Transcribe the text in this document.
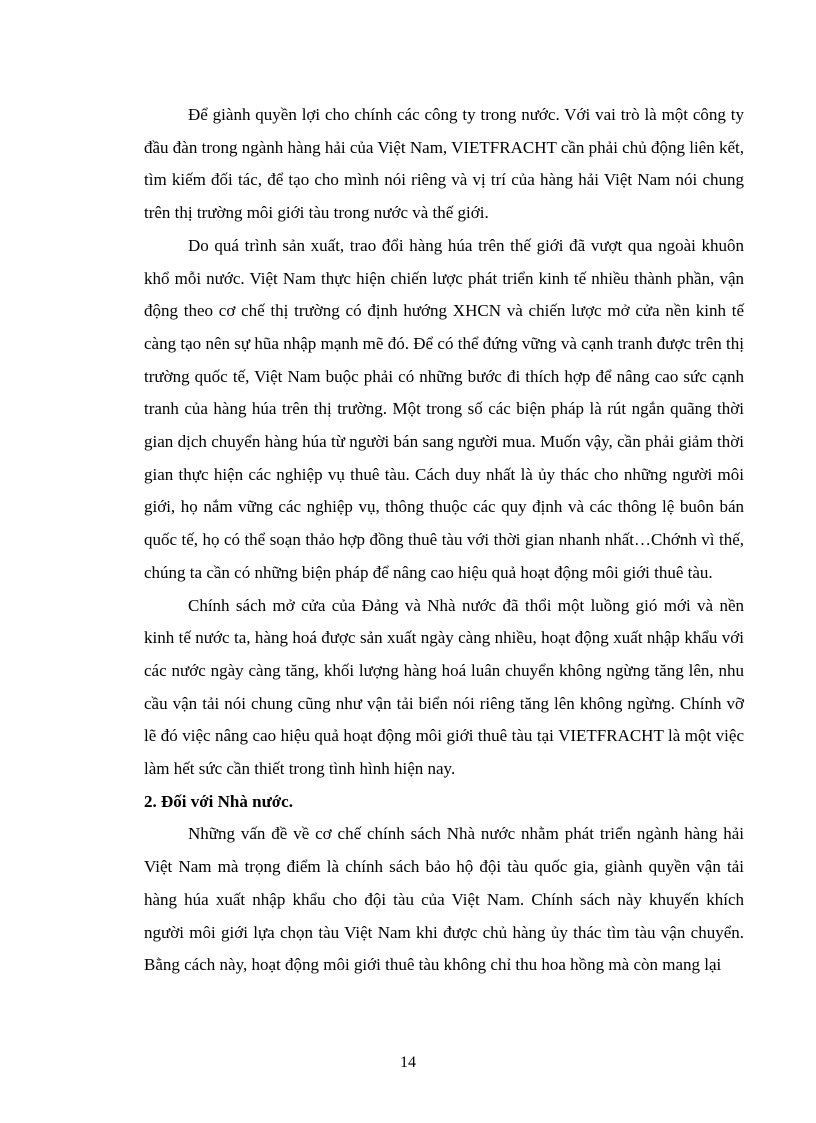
Để giành quyền lợi cho chính các công ty trong nước. Với vai trò là một công ty đầu đàn trong ngành hàng hải của Việt Nam, VIETFRACHT cần phải chủ động liên kết, tìm kiếm đối tác, để tạo cho mình nói riêng và vị trí của hàng hải Việt Nam nói chung trên thị trường môi giới tàu trong nước và thế giới.

Do quá trình sản xuất, trao đổi hàng húa trên thế giới đã vượt qua ngoài khuôn khổ mỗi nước. Việt Nam thực hiện chiến lược phát triển kinh tế nhiều thành phần, vận động theo cơ chế thị trường có định hướng XHCN và chiến lược mở cửa nền kinh tế càng tạo nên sự hũa nhập mạnh mẽ đó. Để có thể đứng vững và cạnh tranh được trên thị trường quốc tế, Việt Nam buộc phải có những bước đi thích hợp để nâng cao sức cạnh tranh của hàng húa trên thị trường. Một trong số các biện pháp là rút ngắn quãng thời gian dịch chuyển hàng húa từ người bán sang người mua. Muốn vậy, cần phải giảm thời gian thực hiện các nghiệp vụ thuê tàu. Cách duy nhất là ủy thác cho những người môi giới, họ nắm vững các nghiệp vụ, thông thuộc các quy định và các thông lệ buôn bán quốc tế, họ có thể soạn thảo hợp đồng thuê tàu với thời gian nhanh nhất…Chớnh vì thế, chúng ta cần có những biện pháp để nâng cao hiệu quả hoạt động môi giới thuê tàu.

Chính sách mở cửa của Đảng và Nhà nước đã thổi một luồng gió mới và nền kinh tế nước ta, hàng hoá được sản xuất ngày càng nhiều, hoạt động xuất nhập khẩu với các nước ngày càng tăng, khối lượng hàng hoá luân chuyển không ngừng tăng lên, nhu cầu vận tải nói chung cũng như vận tải biển nói riêng tăng lên không ngừng. Chính vỡ lẽ đó việc nâng cao hiệu quả hoạt động môi giới thuê tàu tại VIETFRACHT là một việc làm hết sức cần thiết trong tình hình hiện nay.

2. Đối với Nhà nước.

Những vấn đề về cơ chế chính sách Nhà nước nhằm phát triển ngành hàng hải Việt Nam mà trọng điểm là chính sách bảo hộ đội tàu quốc gia, giành quyền vận tải hàng húa xuất nhập khẩu cho đội tàu của Việt Nam. Chính sách này khuyến khích người môi giới lựa chọn tàu Việt Nam khi được chủ hàng ủy thác tìm tàu vận chuyển. Bằng cách này, hoạt động môi giới thuê tàu không chỉ thu hoa hồng mà còn mang lại

14
